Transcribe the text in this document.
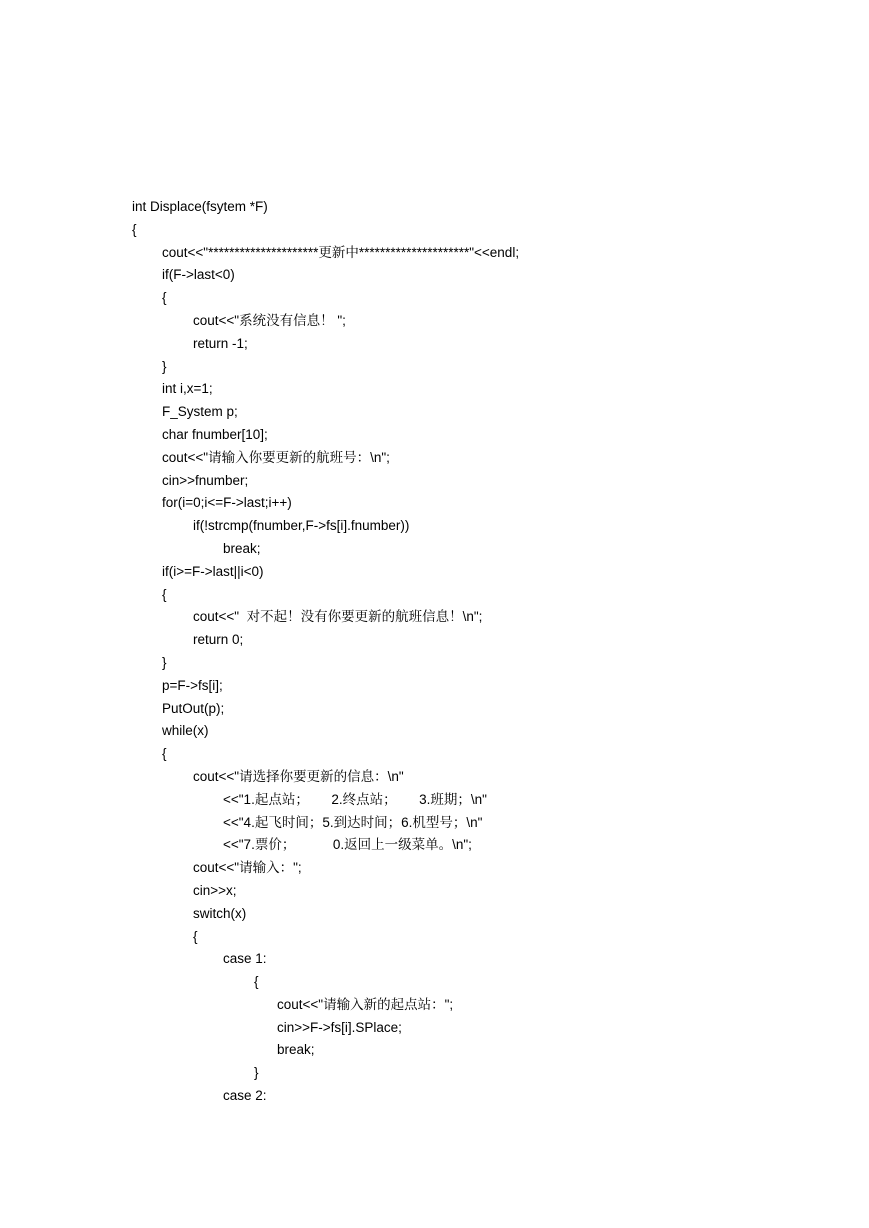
int Displace(fsytem *F)
{
cout<<"*********************更新中*********************"<<endl;
if(F->last<0)
{
cout<<"系统没有信息！ ";
return -1;
}
int i,x=1;
F_System p;
char fnumber[10];
cout<<"请输入你要更新的航班号：\n";
cin>>fnumber;
for(i=0;i<=F->last;i++)
if(!strcmp(fnumber,F->fs[i].fnumber))
break;
if(i>=F->last||i<0)
{
cout<<"  对不起！没有你要更新的航班信息！\n";
return 0;
}
p=F->fs[i];
PutOut(p);
while(x)
{
cout<<"请选择你要更新的信息：\n"
<<"1.起点站；      2.终点站；      3.班期；\n"
<<"4.起飞时间；5.到达时间；6.机型号；\n"
<<"7.票价；          0.返回上一级菜单。\n";
cout<<"请输入：";
cin>>x;
switch(x)
{
case 1:
{
cout<<"请输入新的起点站：";
cin>>F->fs[i].SPlace;
break;
}
case 2:
